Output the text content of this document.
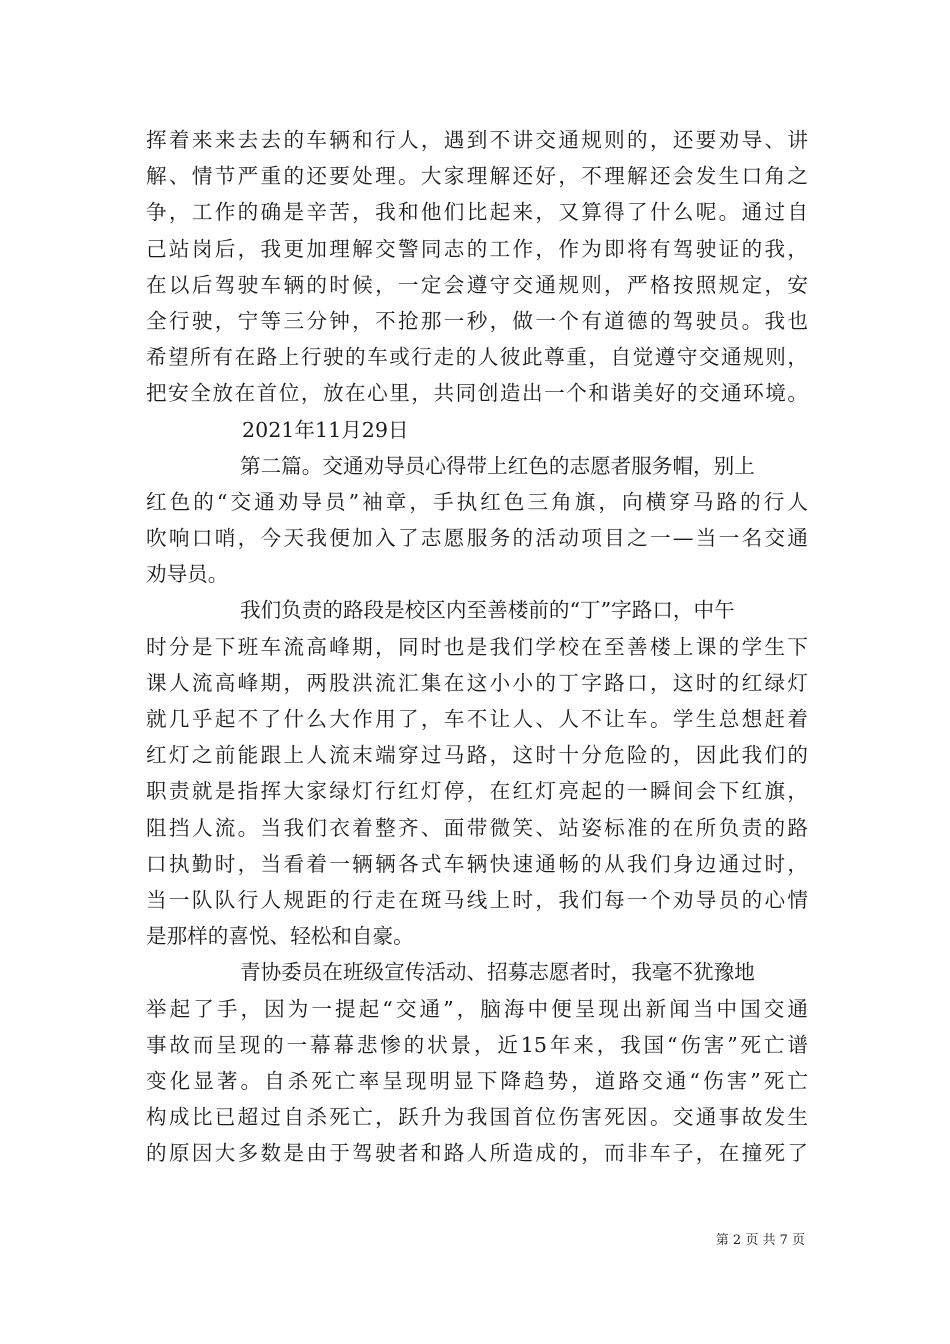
挥着来来去去的车辆和行人，遇到不讲交通规则的，还要劝导、讲
解、情节严重的还要处理。大家理解还好，不理解还会发生口角之
争，工作的确是辛苦，我和他们比起来，又算得了什么呢。通过自
己站岗后，我更加理解交警同志的工作，作为即将有驾驶证的我，
在以后驾驶车辆的时候，一定会遵守交通规则，严格按照规定，安
全行驶，宁等三分钟，不抢那一秒，做一个有道德的驾驶员。我也
希望所有在路上行驶的车或行走的人彼此尊重，自觉遵守交通规则，
把安全放在首位，放在心里，共同创造出一个和谐美好的交通环境。
2021年11月29日
第二篇。交通劝导员心得带上红色的志愿者服务帽，别上
红色的“交通劝导员”袖章，手执红色三角旗，向横穿马路的行人
吹响口哨，今天我便加入了志愿服务的活动项目之一—当一名交通
劝导员。
我们负责的路段是校区内至善楼前的“丁”字路口，中午
时分是下班车流高峰期，同时也是我们学校在至善楼上课的学生下
课人流高峰期，两股洪流汇集在这小小的丁字路口，这时的红绿灯
就几乎起不了什么大作用了，车不让人、人不让车。学生总想赶着
红灯之前能跟上人流末端穿过马路，这时十分危险的，因此我们的
职责就是指挥大家绿灯行红灯停，在红灯亮起的一瞬间会下红旗，
阻挡人流。当我们衣着整齐、面带微笑、站姿标准的在所负责的路
口执勤时，当看着一辆辆各式车辆快速通畅的从我们身边通过时，
当一队队行人规距的行走在斑马线上时，我们每一个劝导员的心情
是那样的喜悦、轻松和自豪。
青协委员在班级宣传活动、招募志愿者时，我毫不犹豫地
举起了手，因为一提起“交通”，脑海中便呈现出新闻当中国交通
事故而呈现的一幕幕悲惨的状景，近15年来，我国“伤害”死亡谱
变化显著。自杀死亡率呈现明显下降趋势，道路交通“伤害”死亡
构成比已超过自杀死亡，跃升为我国首位伤害死因。交通事故发生
的原因大多数是由于驾驶者和路人所造成的，而非车子，在撞死了
第 2 页 共 7 页
